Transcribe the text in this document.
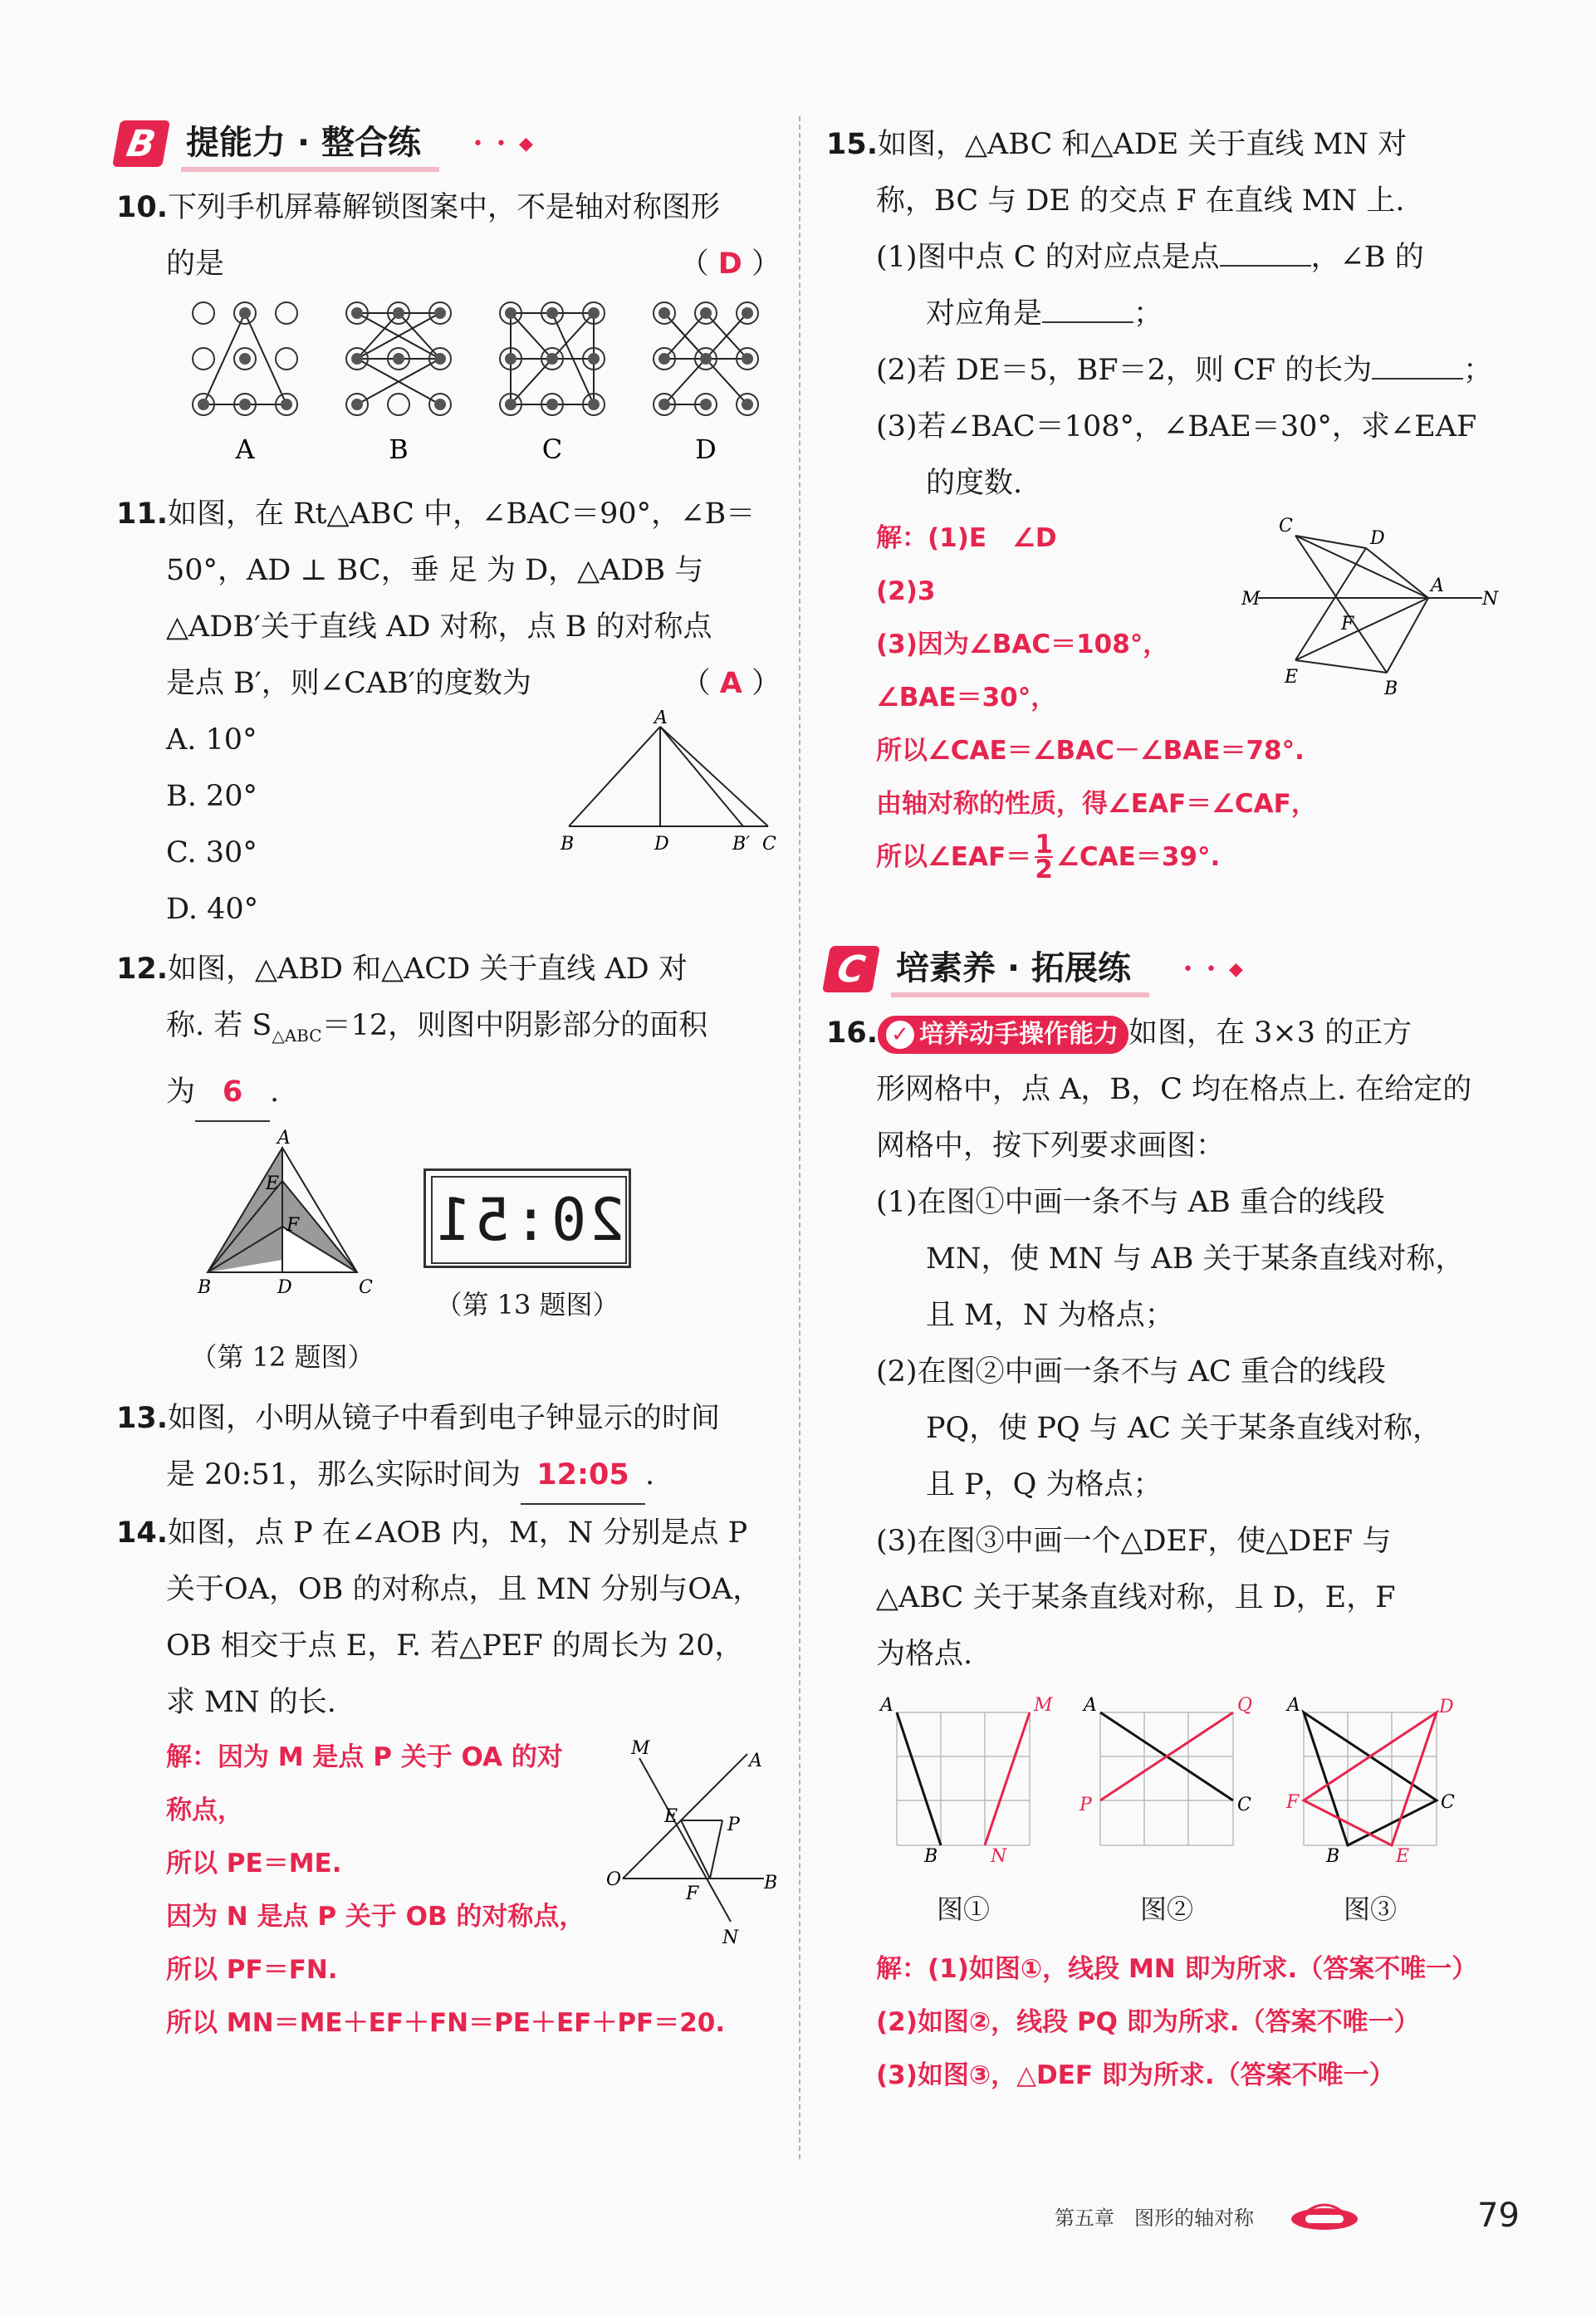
B 提能力 · 整合练	• • ◆
10.下列手机屏幕解锁图案中，不是轴对称图形
的是	（ D ）
A	B	C	D
11.如图，在 Rt△ABC 中，∠BAC＝90°，∠B＝
50°，AD ⊥ BC，垂 足 为 D，△ADB 与
△ADB′关于直线 AD 对称，点 B 的对称点
是点 B′，则∠CAB′的度数为	（ A ）
A. 10°
B. 20°
C. 30°
D. 40°
A
B	D	B′ C
12.如图，△ABD 和△ACD 关于直线 AD 对
称. 若 $S_{\triangle ABC}=12$，则图中阴影部分的面积
为 6 .
A
E
F
B	D	C
（第 12 题图）
20:51
（第 13 题图）
13.如图，小明从镜子中看到电子钟显示的时间
是 20:51，那么实际时间为 12:05 .
14.如图，点 P 在∠AOB 内，M，N 分别是点 P
关于OA，OB 的对称点，且 MN 分别与OA，
OB 相交于点 E，F. 若△PEF 的周长为 20，
求 MN 的长.
解：因为 M 是点 P 关于 OA 的对
称点，
所以 PE＝ME.
因为 N 是点 P 关于 OB 的对称点，
所以 PF＝FN.
所以 MN＝ME＋EF＋FN＝PE＋EF＋PF＝20.
M
A
E	P
O
F
B
N
15.如图，△ABC 和△ADE 关于直线 MN 对
称，BC 与 DE 的交点 F 在直线 MN 上.
(1)图中点 C 的对应点是点	，∠B 的
对应角是	；
(2)若 DE＝5，BF＝2，则 CF 的长为	；
(3)若∠BAC＝108°，∠BAE＝30°，求∠EAF
的度数.
解：(1)E　∠D
(2)3
(3)因为∠BAC＝108°，
∠BAE＝30°，
所以∠CAE＝∠BAC－∠BAE＝78°.
由轴对称的性质，得∠EAF＝∠CAF，
所以∠EAF＝ $\frac{1}{2}$ ∠CAE＝39°.
C
D
M
A
N
F
E
B
C 培素养 · 拓展练	• • ◆
16. ✓ 培养动手操作能力 如图，在 3×3 的正方
形网格中，点 A，B，C 均在格点上. 在给定的
网格中，按下列要求画图：
(1)在图①中画一条不与 AB 重合的线段
MN，使 MN 与 AB 关于某条直线对称，
且 M，N 为格点；
(2)在图②中画一条不与 AC 重合的线段
PQ，使 PQ 与 AC 关于某条直线对称，
且 P，Q 为格点；
(3)在图③中画一个△DEF，使△DEF 与
△ABC 关于某条直线对称，且 D，E，F
为格点.
A
B
M
N
图①
A
C
P
Q
图②
A
B
C
D
E
F
图③
解：(1)如图①，线段 MN 即为所求.（答案不唯一）
(2)如图②，线段 PQ 即为所求.（答案不唯一）
(3)如图③，△DEF 即为所求.（答案不唯一）
第五章　图形的轴对称	79
